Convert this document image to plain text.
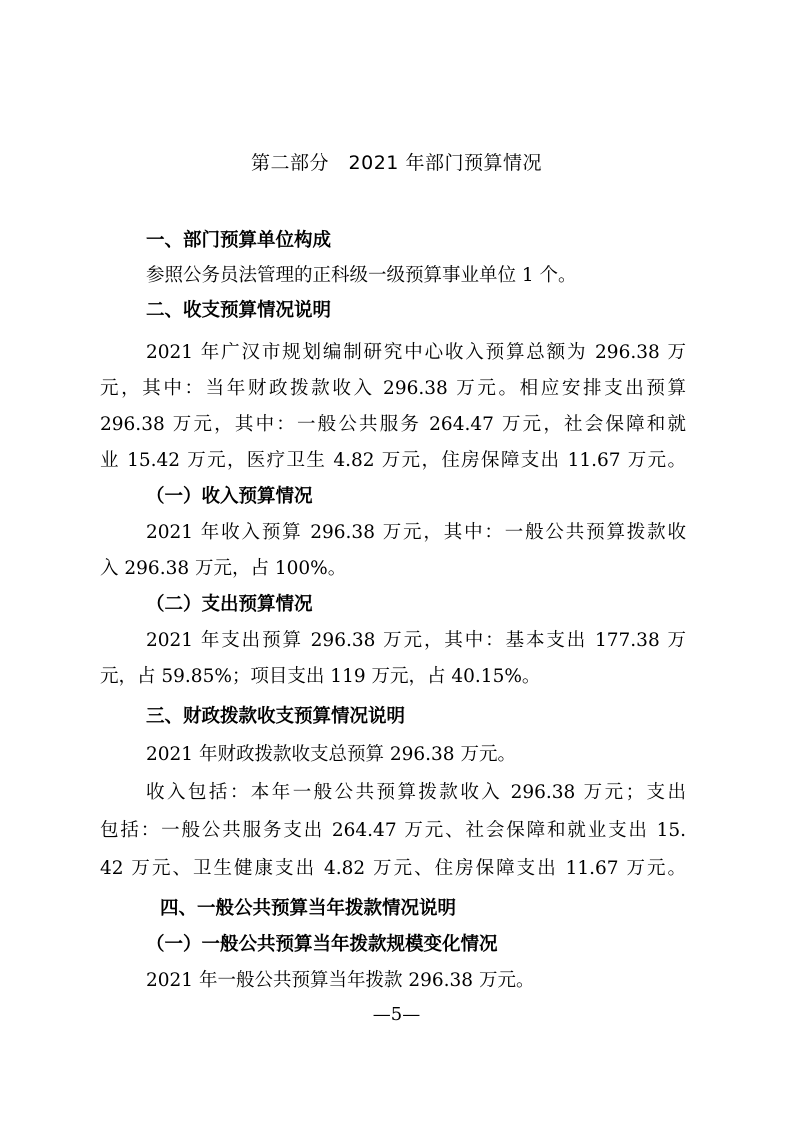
第二部分　2021 年部门预算情况
一、部门预算单位构成
参照公务员法管理的正科级一级预算事业单位 1 个。
二、收支预算情况说明
2021 年广汉市规划编制研究中心收入预算总额为 296.38 万
元，其中：当年财政拨款收入 296.38 万元。相应安排支出预算
296.38 万元，其中：一般公共服务 264.47 万元，社会保障和就
业 15.42 万元，医疗卫生 4.82 万元，住房保障支出 11.67 万元。
（一）收入预算情况
2021 年收入预算 296.38 万元，其中：一般公共预算拨款收
入 296.38 万元，占 100%。
（二）支出预算情况
2021 年支出预算 296.38 万元，其中：基本支出 177.38 万
元，占 59.85%；项目支出 119 万元，占 40.15%。
三、财政拨款收支预算情况说明
2021 年财政拨款收支总预算 296.38 万元。
收入包括：本年一般公共预算拨款收入 296.38 万元；支出
包括：一般公共服务支出 264.47 万元、社会保障和就业支出 15.
42 万元、卫生健康支出 4.82 万元、住房保障支出 11.67 万元。
四、一般公共预算当年拨款情况说明
（一）一般公共预算当年拨款规模变化情况
2021 年一般公共预算当年拨款 296.38 万元。
—5—
